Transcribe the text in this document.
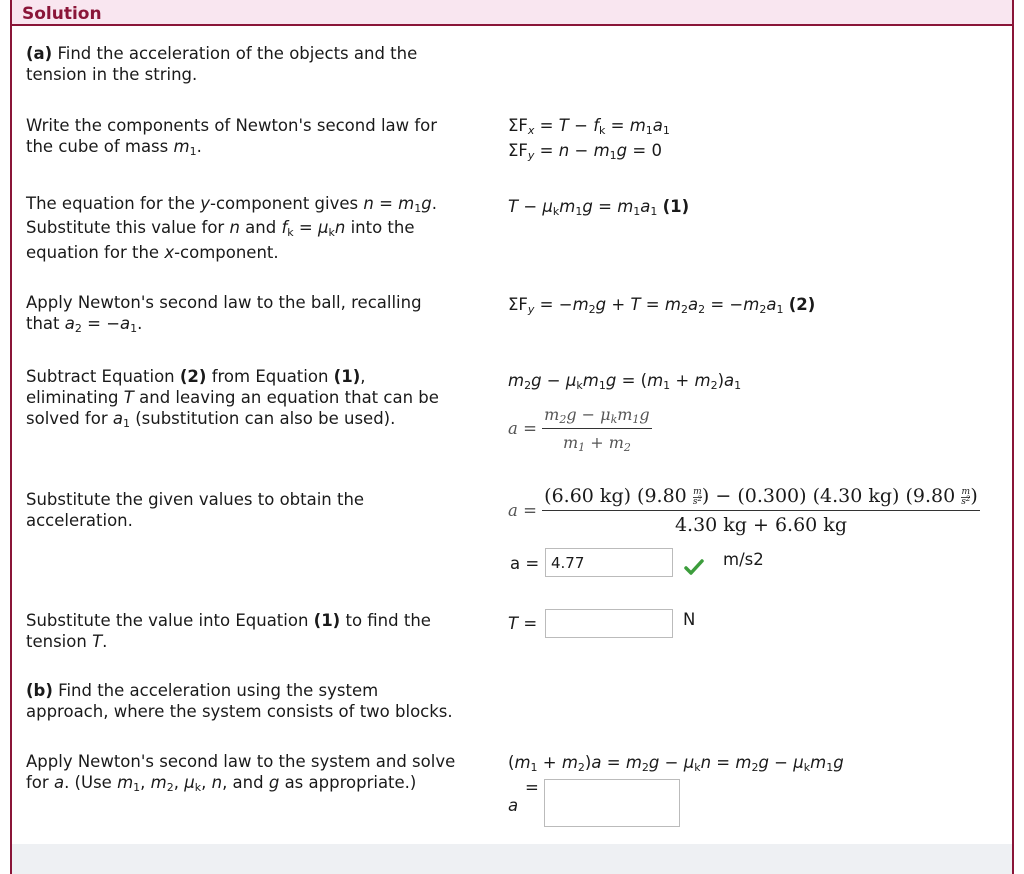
Solution
(a) Find the acceleration of the objects and the
tension in the string.
Write the components of Newton's second law for
the cube of mass $m_1$.
$\Sigma F_x = T - f_k = m_1a_1$
$\Sigma F_y = n - m_1g = 0$
The equation for the y-component gives $n = m_1g$.
Substitute this value for n and $f_k = \mu_kn$ into the
equation for the x-component.
$T - \mu_km_1g = m_1a_1$ (1)
Apply Newton's second law to the ball, recalling
that $a_2 = -a_1$.
$\Sigma F_y = -m_2g + T = m_2a_2 = -m_2a_1$ (2)
Subtract Equation (2) from Equation (1),
eliminating T and leaving an equation that can be
solved for $a_1$ (substitution can also be used).
$m_2g - \mu_km_1g = (m_1 + m_2)a_1$
$a = \frac{m_2g - \mu_km_1g}{m_1 + m_2}$
Substitute the given values to obtain the
acceleration.
$a = \frac{(6.60 kg) (9.80 \frac{m}{s^2} ) - (0.300) (4.30 kg) (9.80 \frac{m}{s^2} )}{4.30 kg + 6.60 kg}$
a = 4.77	m/s2
Substitute the value into Equation (1) to find the
tension T.
T =	N
(b) Find the acceleration using the system
approach, where the system consists of two blocks.
Apply Newton's second law to the system and solve
for a. (Use $m_1$, $m_2$, $\mu_k$, n, and g as appropriate.)
$(m_1 + m_2)a = m_2g - \mu_kn = m_2g - \mu_km_1g$
=
a
